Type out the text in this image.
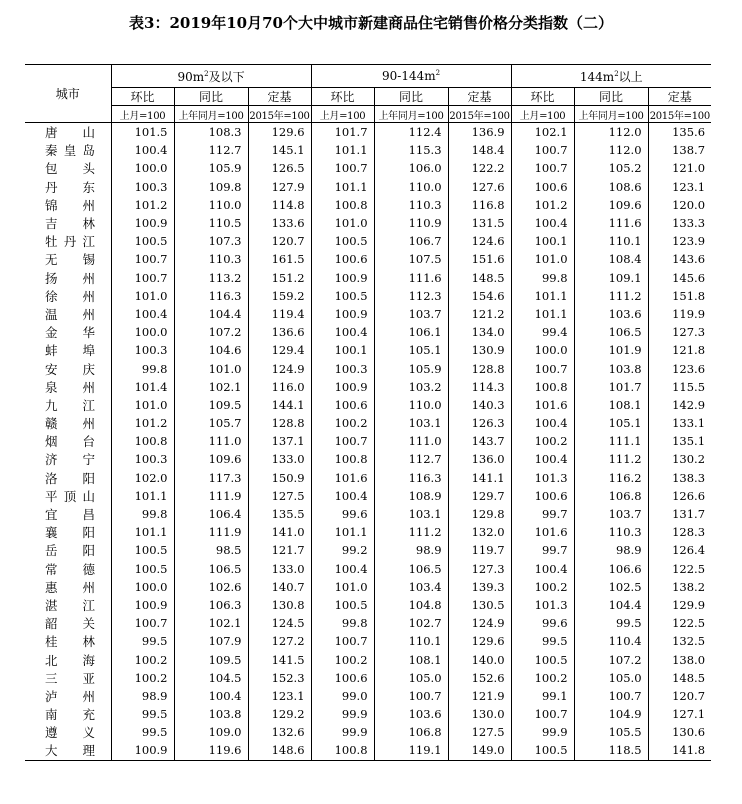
表3：2019年10月70个大中城市新建商品住宅销售价格分类指数（二）
城市	$90m^2$及以下			$90-144m^2$			$144m^2$以上		
	环比	同比	定基	环比	同比	定基	环比	同比	定基
	上月=100	上年同月=100	2015年=100	上月=100	上年同月=100	2015年=100	上月=100	上年同月=100	2015年=100
唐山	101.5	108.3	129.6	101.7	112.4	136.9	102.1	112.0	135.6
秦皇岛	100.4	112.7	145.1	101.1	115.3	148.4	100.7	112.0	138.7
包头	100.0	105.9	126.5	100.7	106.0	122.2	100.7	105.2	121.0
丹东	100.3	109.8	127.9	101.1	110.0	127.6	100.6	108.6	123.1
锦州	101.2	110.0	114.8	100.8	110.3	116.8	101.2	109.6	120.0
吉林	100.9	110.5	133.6	101.0	110.9	131.5	100.4	111.6	133.3
牡丹江	100.5	107.3	120.7	100.5	106.7	124.6	100.1	110.1	123.9
无锡	100.7	110.3	161.5	100.6	107.5	151.6	101.0	108.4	143.6
扬州	100.7	113.2	151.2	100.9	111.6	148.5	99.8	109.1	145.6
徐州	101.0	116.3	159.2	100.5	112.3	154.6	101.1	111.2	151.8
温州	100.4	104.4	119.4	100.9	103.7	121.2	101.1	103.6	119.9
金华	100.0	107.2	136.6	100.4	106.1	134.0	99.4	106.5	127.3
蚌埠	100.3	104.6	129.4	100.1	105.1	130.9	100.0	101.9	121.8
安庆	99.8	101.0	124.9	100.3	105.9	128.8	100.7	103.8	123.6
泉州	101.4	102.1	116.0	100.9	103.2	114.3	100.8	101.7	115.5
九江	101.0	109.5	144.1	100.6	110.0	140.3	101.6	108.1	142.9
赣州	101.2	105.7	128.8	100.2	103.1	126.3	100.4	105.1	133.1
烟台	100.8	111.0	137.1	100.7	111.0	143.7	100.2	111.1	135.1
济宁	100.3	109.6	133.0	100.8	112.7	136.0	100.4	111.2	130.2
洛阳	102.0	117.3	150.9	101.6	116.3	141.1	101.3	116.2	138.3
平顶山	101.1	111.9	127.5	100.4	108.9	129.7	100.6	106.8	126.6
宜昌	99.8	106.4	135.5	99.6	103.1	129.8	99.7	103.7	131.7
襄阳	101.1	111.9	141.0	101.1	111.2	132.0	101.6	110.3	128.3
岳阳	100.5	98.5	121.7	99.2	98.9	119.7	99.7	98.9	126.4
常德	100.5	106.5	133.0	100.4	106.5	127.3	100.4	106.6	122.5
惠州	100.0	102.6	140.7	101.0	103.4	139.3	100.2	102.5	138.2
湛江	100.9	106.3	130.8	100.5	104.8	130.5	101.3	104.4	129.9
韶关	100.7	102.1	124.5	99.8	102.7	124.9	99.6	99.5	122.5
桂林	99.5	107.9	127.2	100.7	110.1	129.6	99.5	110.4	132.5
北海	100.2	109.5	141.5	100.2	108.1	140.0	100.5	107.2	138.0
三亚	100.2	104.5	152.3	100.6	105.0	152.6	100.2	105.0	148.5
泸州	98.9	100.4	123.1	99.0	100.7	121.9	99.1	100.7	120.7
南充	99.5	103.8	129.2	99.9	103.6	130.0	100.7	104.9	127.1
遵义	99.5	109.0	132.6	99.9	106.8	127.5	99.9	105.5	130.6
大理	100.9	119.6	148.6	100.8	119.1	149.0	100.5	118.5	141.8
